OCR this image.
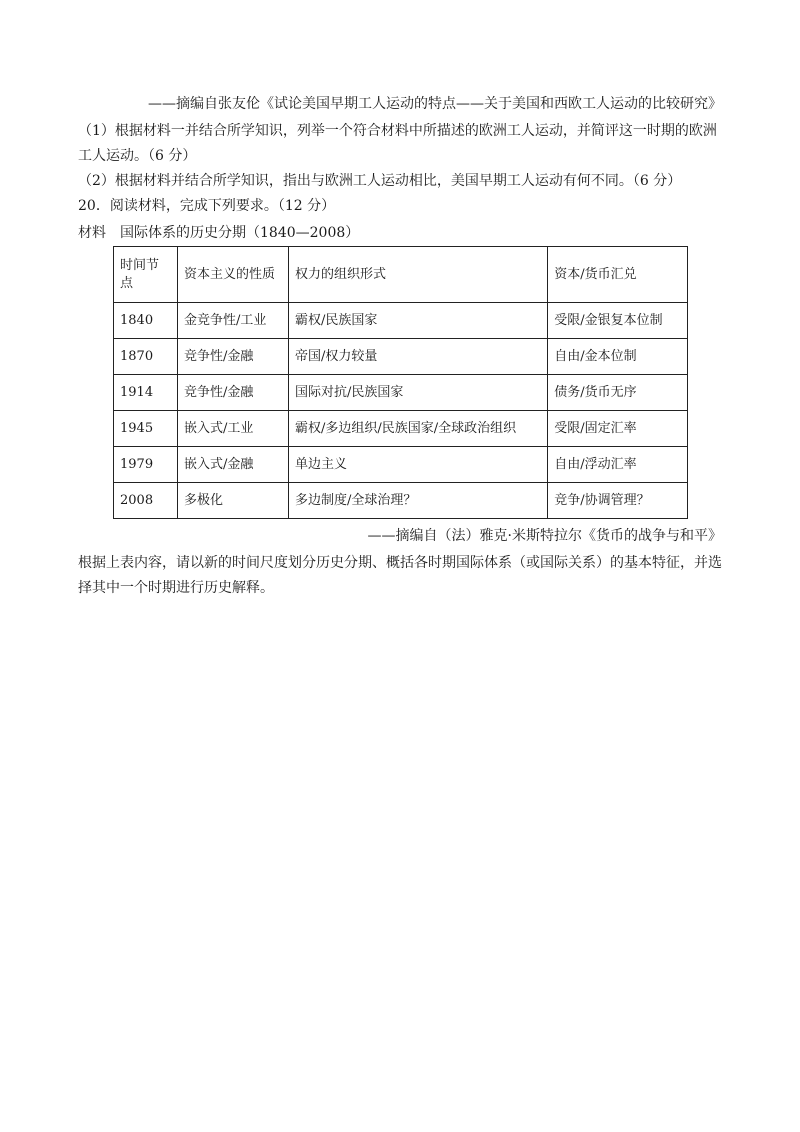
——摘编自张友伦《试论美国早期工人运动的特点——关于美国和西欧工人运动的比较研究》
（1）根据材料一并结合所学知识，列举一个符合材料中所描述的欧洲工人运动，并简评这一时期的欧洲
工人运动。（6 分）
（2）根据材料并结合所学知识，指出与欧洲工人运动相比，美国早期工人运动有何不同。（6 分）
20．阅读材料，完成下列要求。（12 分）
材料 国际体系的历史分期（1840—2008）
时间节点	资本主义的性质	权力的组织形式	资本/货币汇兑
1840	金竞争性/工业	霸权/民族国家	受限/金银复本位制
1870	竞争性/金融	帝国/权力较量	自由/金本位制
1914	竞争性/金融	国际对抗/民族国家	债务/货币无序
1945	嵌入式/工业	霸权/多边组织/民族国家/全球政治组织	受限/固定汇率
1979	嵌入式/金融	单边主义	自由/浮动汇率
2008	多极化	多边制度/全球治理？	竞争/协调管理？
——摘编自（法）雅克·米斯特拉尔《货币的战争与和平》
根据上表内容，请以新的时间尺度划分历史分期、概括各时期国际体系（或国际关系）的基本特征，并选
择其中一个时期进行历史解释。
